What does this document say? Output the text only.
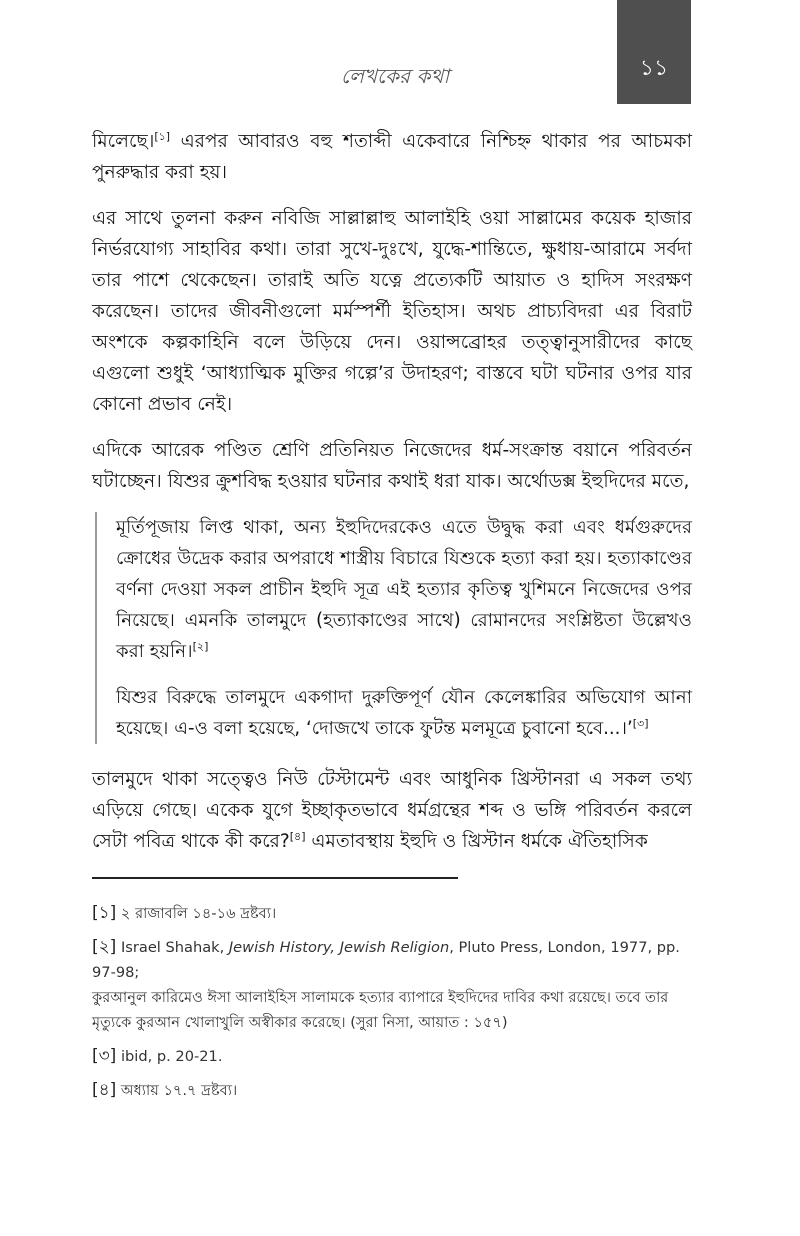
লেখকের কথা	১১

মিলেছে।[১] এরপর আবারও বহু শতাব্দী একেবারে নিশ্চিহ্ন থাকার পর আচমকা পুনরুদ্ধার করা হয়।

এর সাথে তুলনা করুন নবিজি সাল্লাল্লাহু আলাইহি ওয়া সাল্লামের কয়েক হাজার নির্ভরযোগ্য সাহাবির কথা। তারা সুখে-দুঃখে, যুদ্ধে-শান্তিতে, ক্ষুধায়-আরামে সর্বদা তার পাশে থেকেছেন। তারাই অতি যত্নে প্রত্যেকটি আয়াত ও হাদিস সংরক্ষণ করেছেন। তাদের জীবনীগুলো মর্মস্পর্শী ইতিহাস। অথচ প্রাচ্যবিদরা এর বিরাট অংশকে কল্পকাহিনি বলে উড়িয়ে দেন। ওয়ান্সব্রোহর তত্ত্বানুসারীদের কাছে এগুলো শুধুই ‘আধ্যাত্মিক মুক্তির গল্পে’র উদাহরণ; বাস্তবে ঘটা ঘটনার ওপর যার কোনো প্রভাব নেই।

এদিকে আরেক পণ্ডিত শ্রেণি প্রতিনিয়ত নিজেদের ধর্ম-সংক্রান্ত বয়ানে পরিবর্তন ঘটাচ্ছেন। যিশুর ক্রুশবিদ্ধ হওয়ার ঘটনার কথাই ধরা যাক। অর্থোডক্স ইহুদিদের মতে,

মূর্তিপূজায় লিপ্ত থাকা, অন্য ইহুদিদেরকেও এতে উদ্বুদ্ধ করা এবং ধর্মগুরুদের ক্রোধের উদ্রেক করার অপরাধে শাস্ত্রীয় বিচারে যিশুকে হত্যা করা হয়। হত্যাকাণ্ডের বর্ণনা দেওয়া সকল প্রাচীন ইহুদি সূত্র এই হত্যার কৃতিত্ব খুশিমনে নিজেদের ওপর নিয়েছে। এমনকি তালমুদে (হত্যাকাণ্ডের সাথে) রোমানদের সংশ্লিষ্টতা উল্লেখও করা হয়নি।[২]

যিশুর বিরুদ্ধে তালমুদে একগাদা দুরুক্তিপূর্ণ যৌন কেলেঙ্কারির অভিযোগ আনা হয়েছে। এ-ও বলা হয়েছে, ‘দোজখে তাকে ফুটন্ত মলমূত্রে চুবানো হবে...।’[৩]

তালমুদে থাকা সত্ত্বেও নিউ টেস্টামেন্ট এবং আধুনিক খ্রিস্টানরা এ সকল তথ্য এড়িয়ে গেছে। একেক যুগে ইচ্ছাকৃতভাবে ধর্মগ্রন্থের শব্দ ও ভঙ্গি পরিবর্তন করলে সেটা পবিত্র থাকে কী করে?[৪] এমতাবস্থায় ইহুদি ও খ্রিস্টান ধর্মকে ঐতিহাসিক

[১] ২ রাজাবলি ১৪-১৬ দ্রষ্টব্য।
[২] Israel Shahak, Jewish History, Jewish Religion, Pluto Press, London, 1977, pp. 97-98;
কুরআনুল কারিমেও ঈসা আলাইহিস সালামকে হত্যার ব্যাপারে ইহুদিদের দাবির কথা রয়েছে। তবে তার মৃত্যুকে কুরআন খোলাখুলি অস্বীকার করেছে। (সুরা নিসা, আয়াত : ১৫৭)
[৩] ibid, p. 20-21.
[৪] অধ্যায় ১৭.৭ দ্রষ্টব্য।
